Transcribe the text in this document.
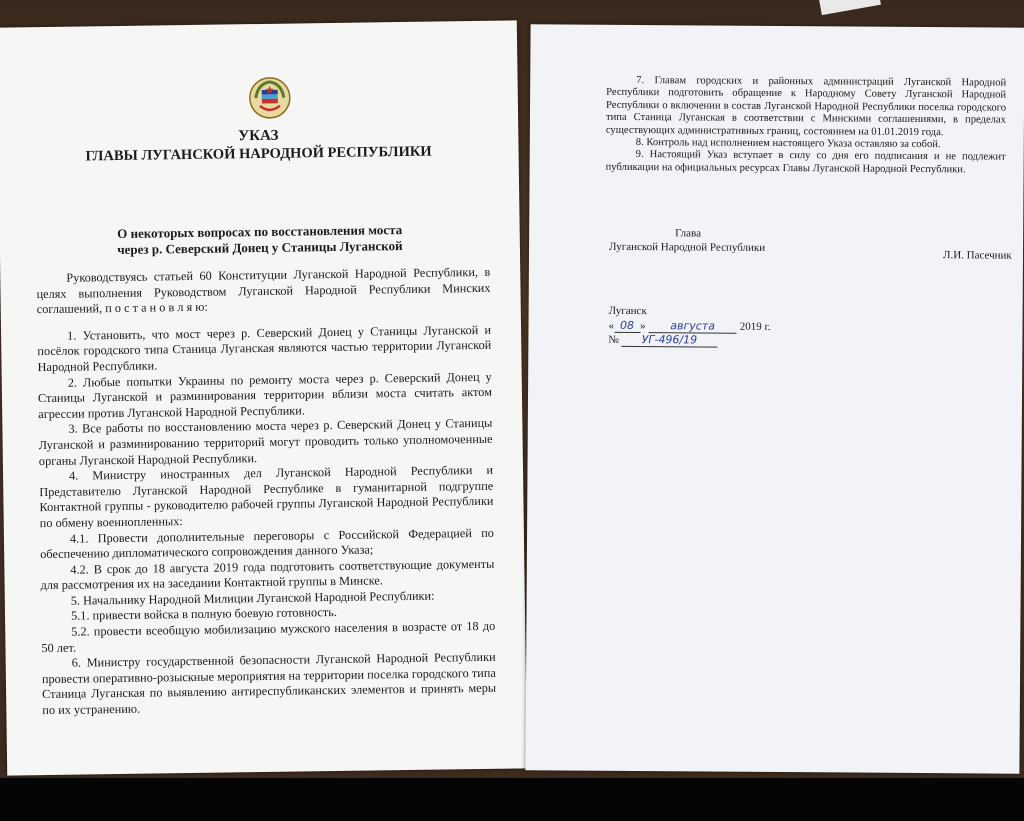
УКАЗ
ГЛАВЫ ЛУГАНСКОЙ НАРОДНОЙ РЕСПУБЛИКИ
О некоторых вопросах по восстановления моста
через р. Северский Донец у Станицы Луганской

Руководствуясь статьей 60 Конституции Луганской Народной Республики, в целях выполнения Руководством Луганской Народной Республики Минских соглашений, п о с т а н о в л я ю:

1. Установить, что мост через р. Северский Донец у Станицы Луганской и посёлок городского типа Станица Луганская являются частью территории Луганской Народной Республики.

2. Любые попытки Украины по ремонту моста через р. Северский Донец у Станицы Луганской и разминирования территории вблизи моста считать актом агрессии против Луганской Народной Республики.

3. Все работы по восстановлению моста через р. Северский Донец у Станицы Луганской и разминированию территорий могут проводить только уполномоченные органы Луганской Народной Республики.

4. Министру иностранных дел Луганской Народной Республики и Представителю Луганской Народной Республике в гуманитарной подгруппе Контактной группы - руководителю рабочей группы Луганской Народной Республики по обмену военнопленных:

4.1. Провести дополнительные переговоры с Российской Федерацией по обеспечению дипломатического сопровождения данного Указа;

4.2. В срок до 18 августа 2019 года подготовить соответствующие документы для рассмотрения их на заседании Контактной группы в Минске.

5. Начальнику Народной Милиции Луганской Народной Республики:

5.1. привести войска в полную боевую готовность.

5.2. провести всеобщую мобилизацию мужского населения в возрасте от 18 до 50 лет.

6. Министру государственной безопасности Луганской Народной Республики провести оперативно-розыскные мероприятия на территории поселка городского типа Станица Луганская по выявлению антиреспубликанских элементов и принять меры по их устранению.

7. Главам городских и районных администраций Луганской Народной Республики подготовить обращение к Народному Совету Луганской Народной Республики о включении в состав Луганской Народной Республики поселка городского типа Станица Луганская в соответствии с Минскими соглашениями, в пределах существующих административных границ, состоянием на 01.01.2019 года.

8. Контроль над исполнением настоящего Указа оставляю за собой.

9. Настоящий Указ вступает в силу со дня его подписания и не подлежит публикации на официальных ресурсах Главы Луганской Народной Республики.

Глава
Луганской Народной Республики
Л.И. Пасечник
Луганск
« 08 » августа 2019 г.
№ УГ-496/19
